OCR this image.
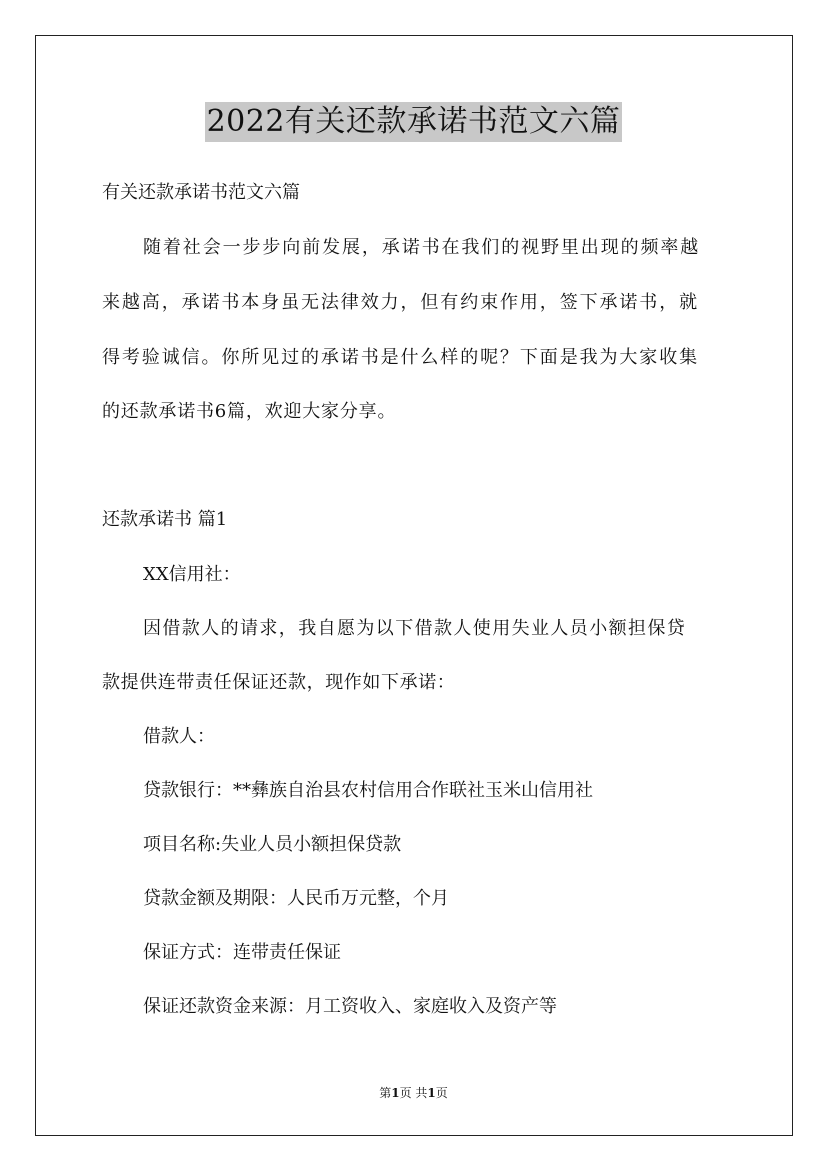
2022有关还款承诺书范文六篇
有关还款承诺书范文六篇
随着社会一步步向前发展，承诺书在我们的视野里出现的频率越
来越高，承诺书本身虽无法律效力，但有约束作用，签下承诺书，就
得考验诚信。你所见过的承诺书是什么样的呢？下面是我为大家收集
的还款承诺书6篇，欢迎大家分享。
还款承诺书 篇1
XX信用社：
因借款人的请求，我自愿为以下借款人使用失业人员小额担保贷
款提供连带责任保证还款，现作如下承诺：
借款人：
贷款银行：**彝族自治县农村信用合作联社玉米山信用社
项目名称:失业人员小额担保贷款
贷款金额及期限：人民币万元整，个月
保证方式：连带责任保证
保证还款资金来源：月工资收入、家庭收入及资产等
第1页 共1页
